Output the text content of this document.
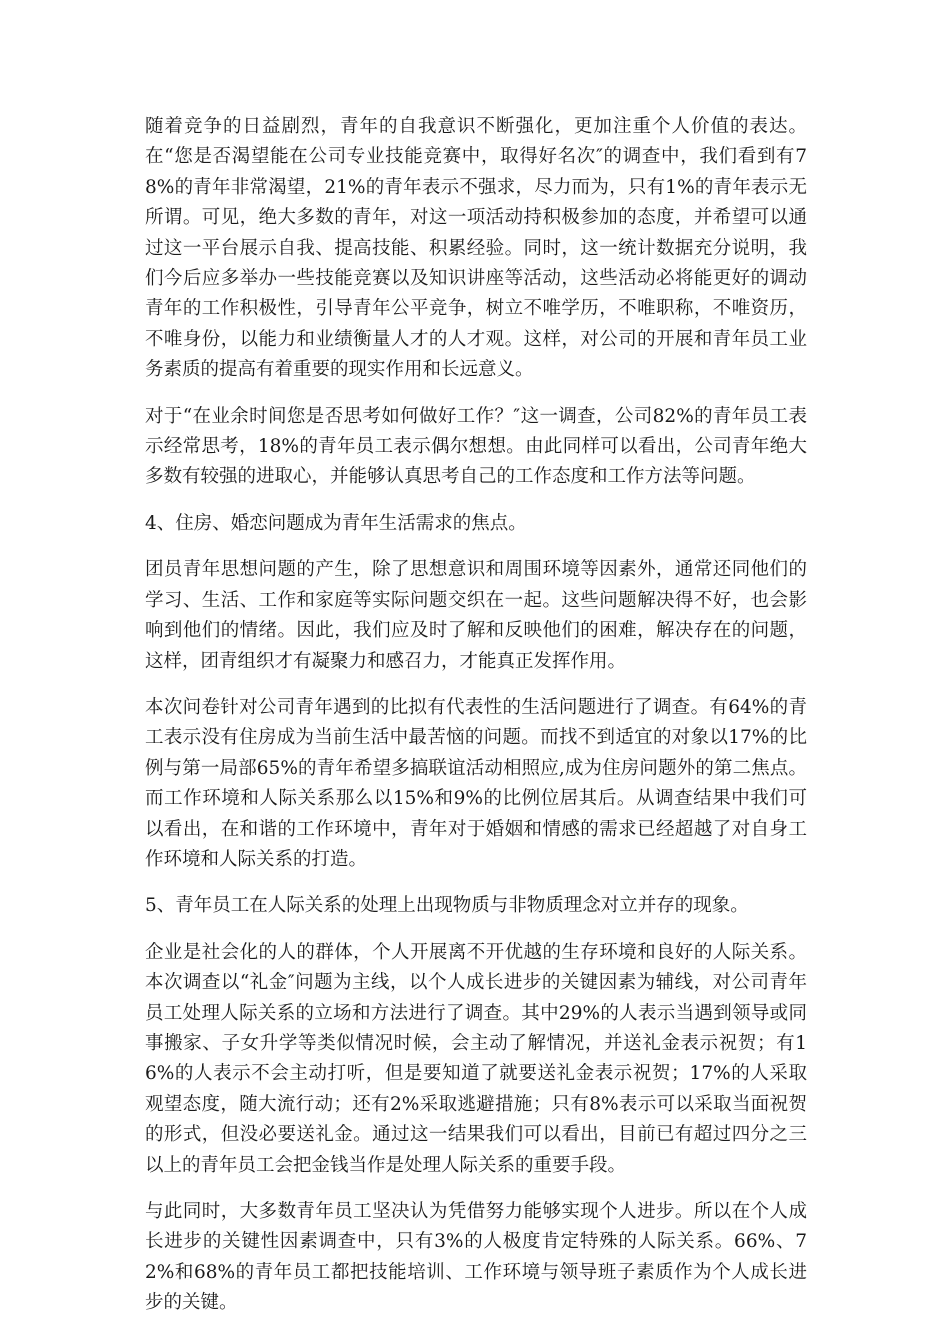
随着竞争的日益剧烈，青年的自我意识不断强化，更加注重个人价值的表达。在“您是否渴望能在公司专业技能竞赛中，取得好名次″的调查中，我们看到有78%的青年非常渴望，21%的青年表示不强求，尽力而为，只有1%的青年表示无所谓。可见，绝大多数的青年，对这一项活动持积极参加的态度，并希望可以通过这一平台展示自我、提高技能、积累经验。同时，这一统计数据充分说明，我们今后应多举办一些技能竞赛以及知识讲座等活动，这些活动必将能更好的调动青年的工作积极性，引导青年公平竞争，树立不唯学历，不唯职称，不唯资历，不唯身份，以能力和业绩衡量人才的人才观。这样，对公司的开展和青年员工业务素质的提高有着重要的现实作用和长远意义。

对于“在业余时间您是否思考如何做好工作？″这一调查，公司82%的青年员工表示经常思考，18%的青年员工表示偶尔想想。由此同样可以看出，公司青年绝大多数有较强的进取心，并能够认真思考自己的工作态度和工作方法等问题。

4、住房、婚恋问题成为青年生活需求的焦点。

团员青年思想问题的产生，除了思想意识和周围环境等因素外，通常还同他们的学习、生活、工作和家庭等实际问题交织在一起。这些问题解决得不好，也会影响到他们的情绪。因此，我们应及时了解和反映他们的困难，解决存在的问题，这样，团青组织才有凝聚力和感召力，才能真正发挥作用。

本次问卷针对公司青年遇到的比拟有代表性的生活问题进行了调查。有64%的青工表示没有住房成为当前生活中最苦恼的问题。而找不到适宜的对象以17%的比例与第一局部65%的青年希望多搞联谊活动相照应,成为住房问题外的第二焦点。而工作环境和人际关系那么以15%和9%的比例位居其后。从调查结果中我们可以看出，在和谐的工作环境中，青年对于婚姻和情感的需求已经超越了对自身工作环境和人际关系的打造。

5、青年员工在人际关系的处理上出现物质与非物质理念对立并存的现象。

企业是社会化的人的群体，个人开展离不开优越的生存环境和良好的人际关系。本次调查以“礼金″问题为主线，以个人成长进步的关键因素为辅线，对公司青年员工处理人际关系的立场和方法进行了调查。其中29%的人表示当遇到领导或同事搬家、子女升学等类似情况时候，会主动了解情况，并送礼金表示祝贺；有16%的人表示不会主动打听，但是要知道了就要送礼金表示祝贺；17%的人采取观望态度，随大流行动；还有2%采取逃避措施；只有8%表示可以采取当面祝贺的形式，但没必要送礼金。通过这一结果我们可以看出，目前已有超过四分之三以上的青年员工会把金钱当作是处理人际关系的重要手段。

与此同时，大多数青年员工坚决认为凭借努力能够实现个人进步。所以在个人成长进步的关键性因素调查中，只有3%的人极度肯定特殊的人际关系。66%、72%和68%的青年员工都把技能培训、工作环境与领导班子素质作为个人成长进步的关键。
